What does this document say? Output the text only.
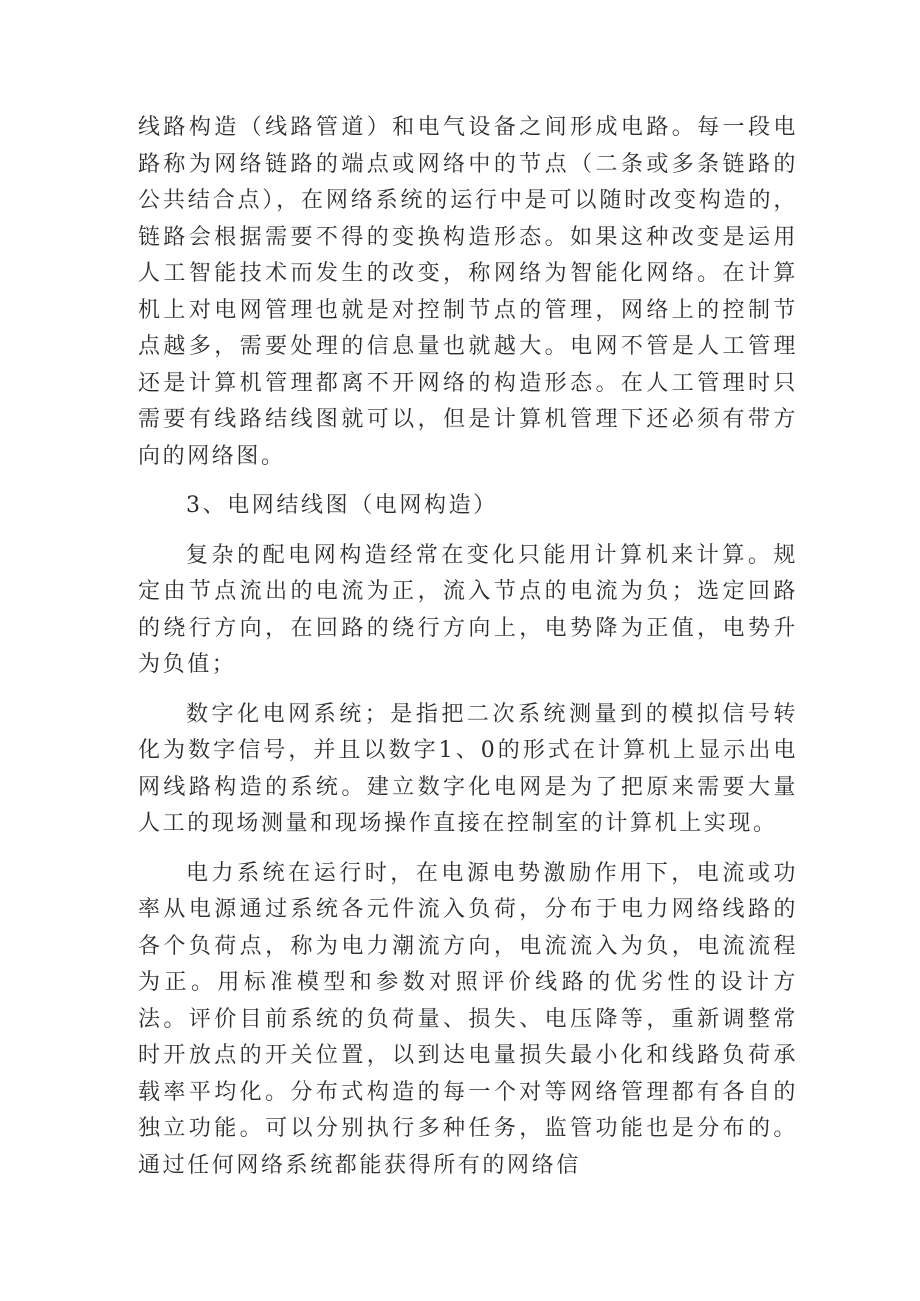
线路构造（线路管道）和电气设备之间形成电路。每一段电路称为网络链路的端点或网络中的节点（二条或多条链路的公共结合点），在网络系统的运行中是可以随时改变构造的，链路会根据需要不得的变换构造形态。如果这种改变是运用人工智能技术而发生的改变，称网络为智能化网络。在计算机上对电网管理也就是对控制节点的管理，网络上的控制节点越多，需要处理的信息量也就越大。电网不管是人工管理还是计算机管理都离不开网络的构造形态。在人工管理时只需要有线路结线图就可以，但是计算机管理下还必须有带方向的网络图。

3、电网结线图（电网构造）

复杂的配电网构造经常在变化只能用计算机来计算。规定由节点流出的电流为正，流入节点的电流为负；选定回路的绕行方向，在回路的绕行方向上，电势降为正值，电势升为负值；

数字化电网系统；是指把二次系统测量到的模拟信号转化为数字信号，并且以数字1、0的形式在计算机上显示出电网线路构造的系统。建立数字化电网是为了把原来需要大量人工的现场测量和现场操作直接在控制室的计算机上实现。

电力系统在运行时，在电源电势激励作用下，电流或功率从电源通过系统各元件流入负荷，分布于电力网络线路的各个负荷点，称为电力潮流方向，电流流入为负，电流流程为正。用标准模型和参数对照评价线路的优劣性的设计方法。评价目前系统的负荷量、损失、电压降等，重新调整常时开放点的开关位置，以到达电量损失最小化和线路负荷承载率平均化。分布式构造的每一个对等网络管理都有各自的独立功能。可以分别执行多种任务，监管功能也是分布的。通过任何网络系统都能获得所有的网络信
